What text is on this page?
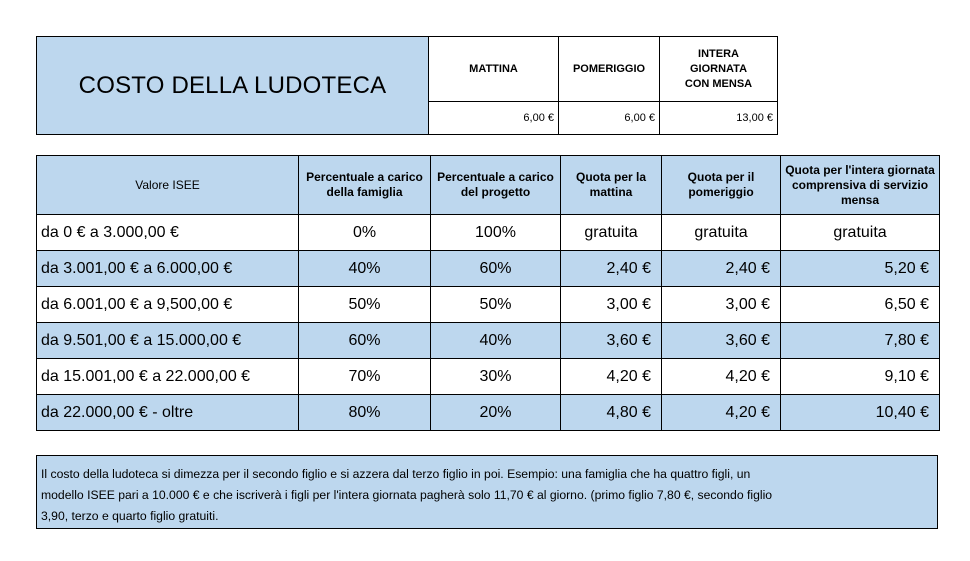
COSTO DELLA LUDOTECA	MATTINA	POMERIGGIO	INTERA
GIORNATA
CON MENSA

	6,00 €	6,00 €	13,00 €
Valore ISEE	Percentuale a carico della famiglia	Percentuale a carico del progetto	Quota per la mattina	Quota per il pomeriggio	Quota per l'intera giornata comprensiva di servizio mensa
da 0 € a 3.000,00 €	0%	100%	gratuita	gratuita	gratuita
da 3.001,00 € a 6.000,00 €	40%	60%	2,40 €	2,40 €	5,20 €
da 6.001,00 € a 9,500,00 €	50%	50%	3,00 €	3,00 €	6,50 €
da 9.501,00 € a 15.000,00 €	60%	40%	3,60 €	3,60 €	7,80 €
da 15.001,00 € a 22.000,00 €	70%	30%	4,20 €	4,20 €	9,10 €
da 22.000,00 € - oltre	80%	20%	4,80 €	4,20 €	10,40 €
Il costo della ludoteca si dimezza per il secondo figlio e si azzera dal terzo figlio in poi. Esempio: una famiglia che ha quattro figli, un
modello ISEE pari a 10.000 € e che iscriverà i figli per l'intera giornata pagherà solo 11,70 € al giorno. (primo figlio 7,80 €, secondo figlio
3,90, terzo e quarto figlio gratuiti.
